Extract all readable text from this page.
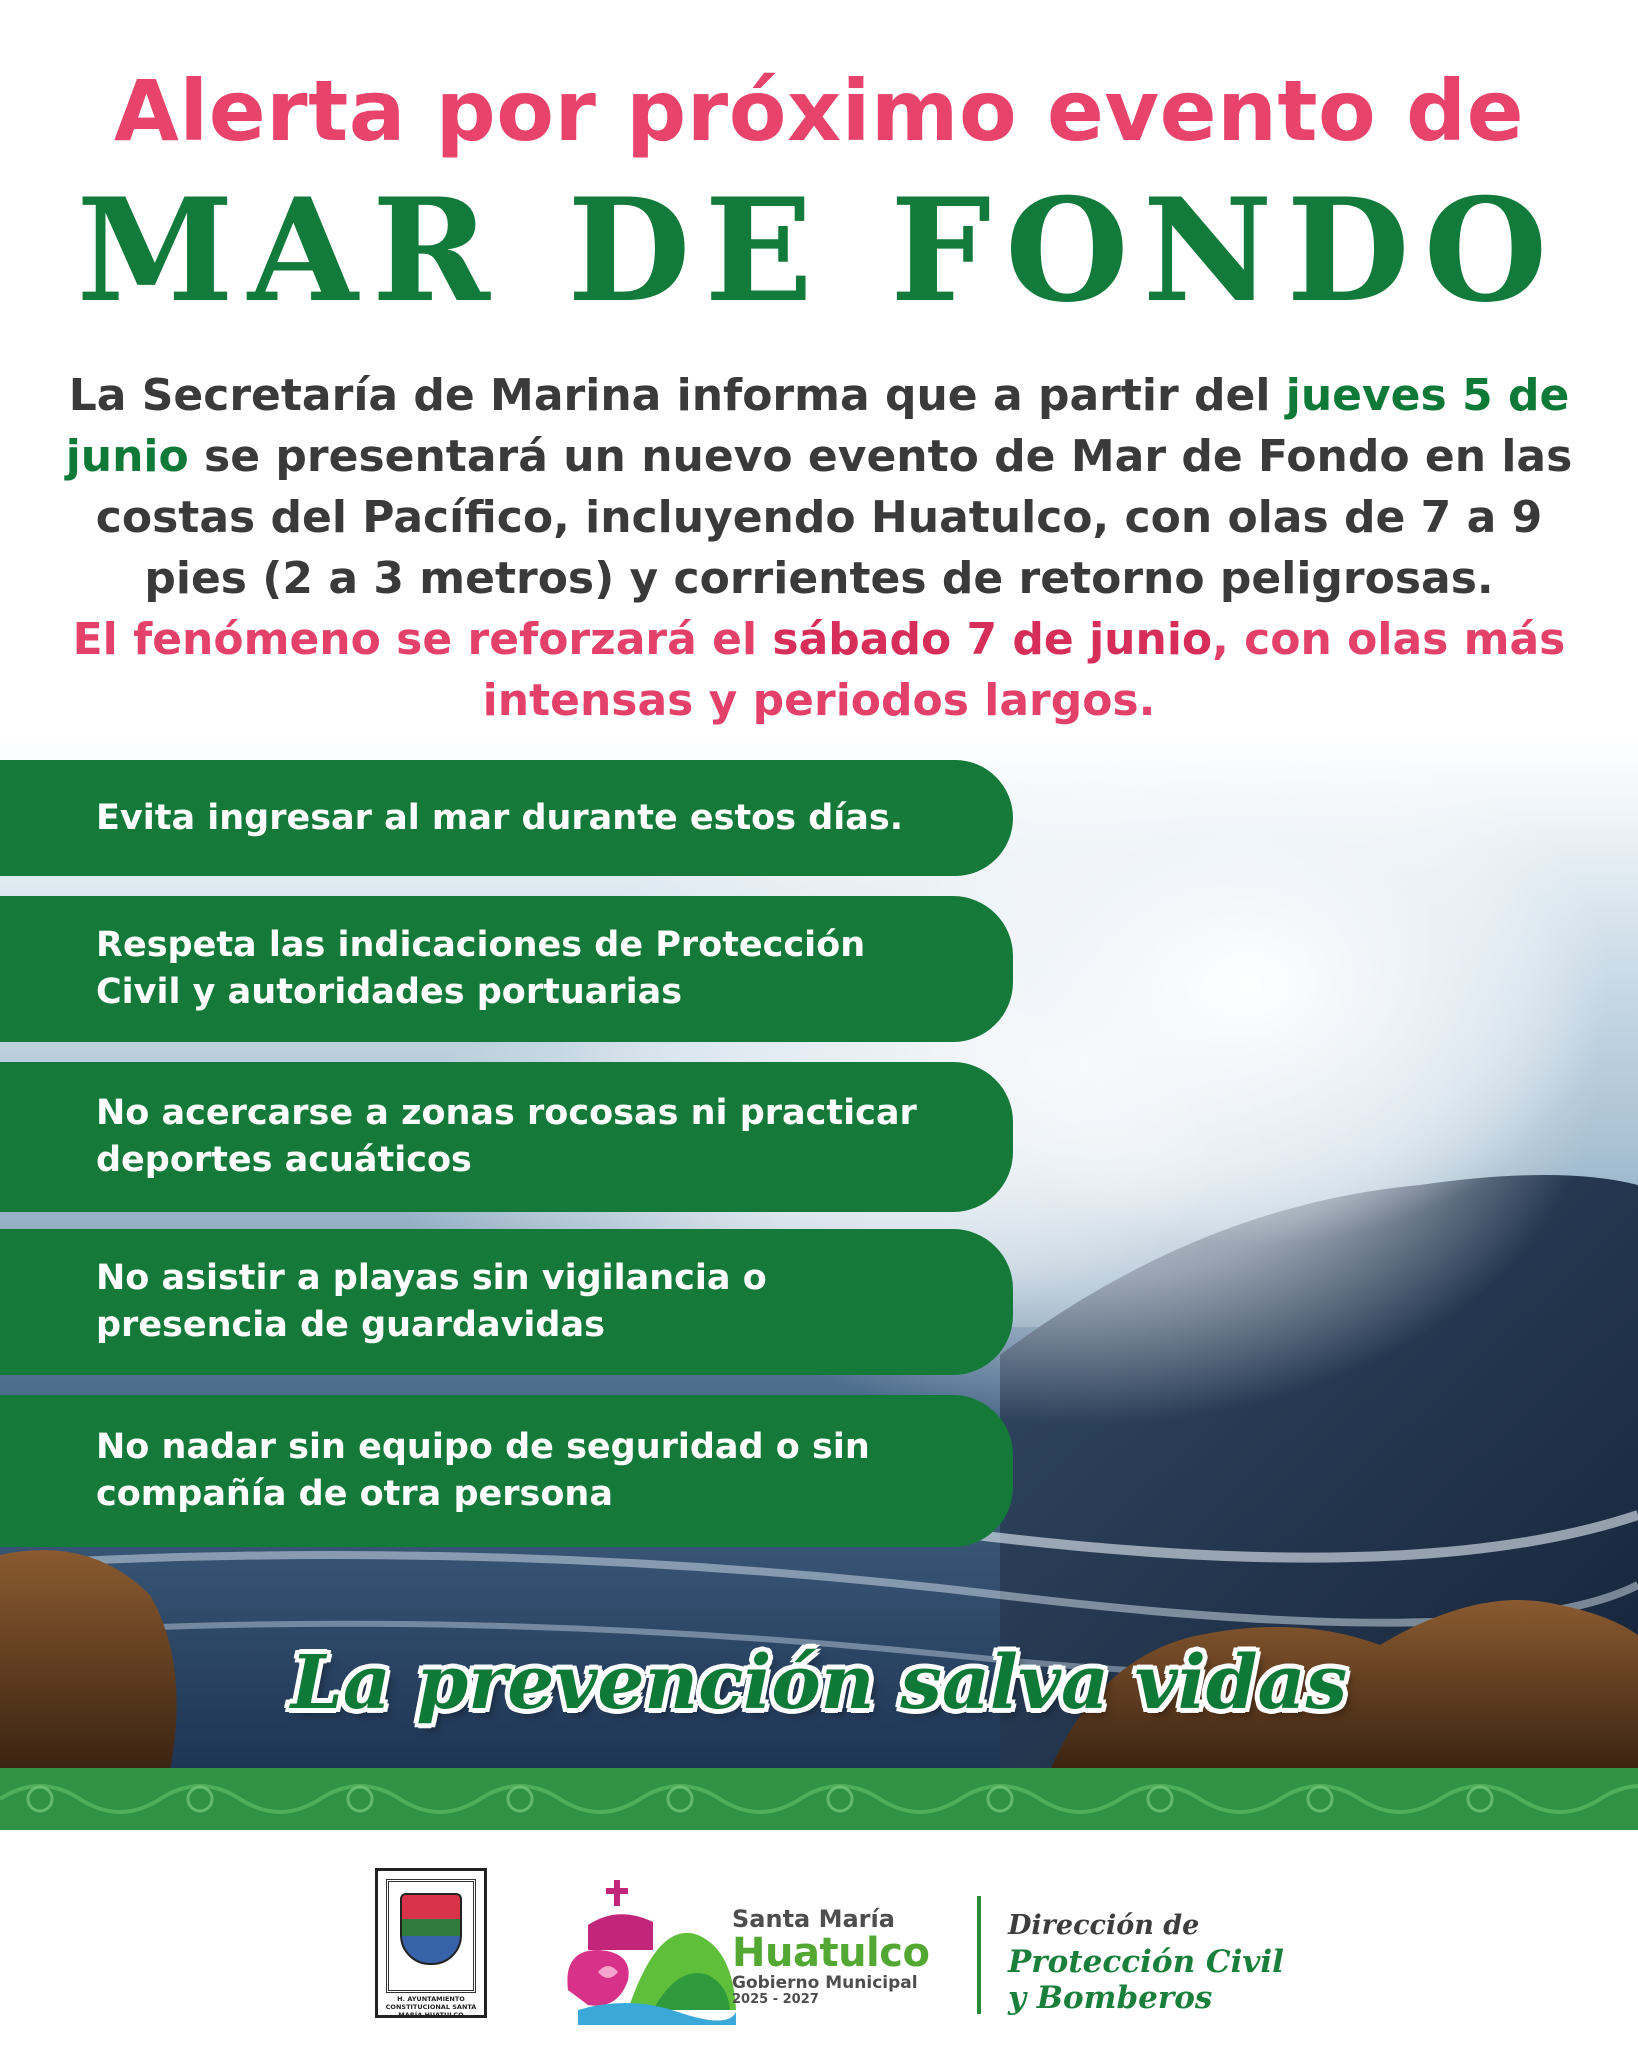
Alerta por próximo evento de
MAR DE FONDO
La Secretaría de Marina informa que a partir del jueves 5 de junio se presentará un nuevo evento de Mar de Fondo en las costas del Pacífico, incluyendo Huatulco, con olas de 7 a 9 pies (2 a 3 metros) y corrientes de retorno peligrosas.
El fenómeno se reforzará el sábado 7 de junio, con olas más intensas y periodos largos.
Evita ingresar al mar durante estos días.
Respeta las indicaciones de Protección Civil y autoridades portuarias
No acercarse a zonas rocosas ni practicar deportes acuáticos
No asistir a playas sin vigilancia o presencia de guardavidas
No nadar sin equipo de seguridad o sin compañía de otra persona
La prevención salva vidas
H. AYUNTAMIENTO CONSTITUCIONAL SANTA MARÍA HUATULCO
Santa María
Huatulco
Gobierno Municipal
2025 - 2027
Dirección de
Protección Civil
y Bomberos
